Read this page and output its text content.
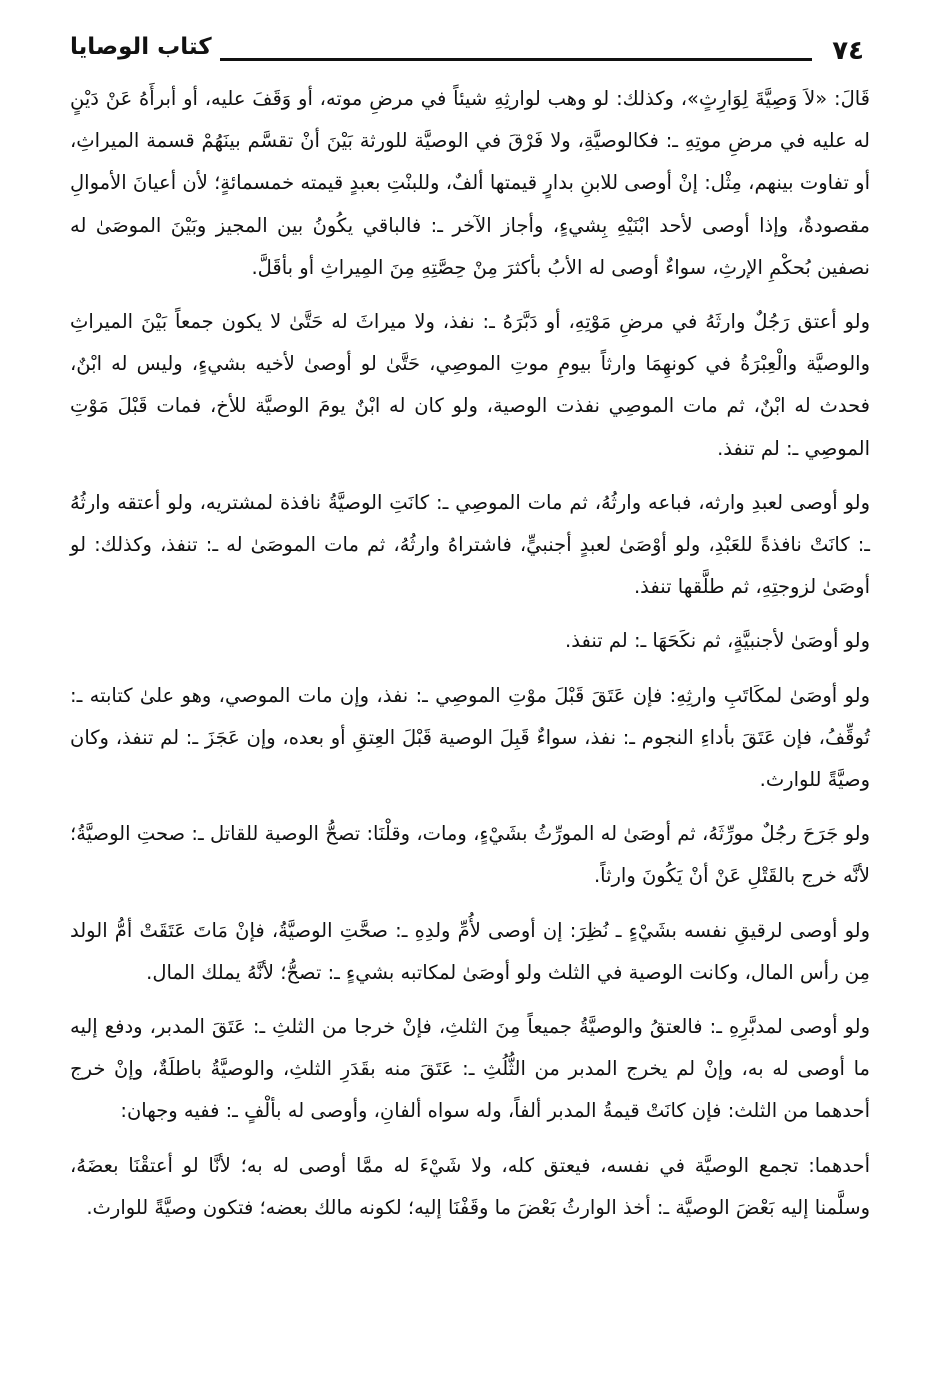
٧٤
كتاب الوصايا

قَالَ: «لاَ وَصِيَّةَ لِوَارِثٍ»، وكذلك: لو وهب لوارثِهِ شيئاً في مرضِ موته، أو وَقَفَ عليه، أو أبرأَهُ عَنْ دَيْنٍ له عليه في مرضِ موتِهِ ـ: فكالوصيَّةِ، ولا فَرْقَ في الوصيَّة للورثة بَيْنَ أنْ تقسَّم بينَهُمْ قسمة الميراثِ، أو تفاوت بينهم، مِثْل: إنْ أوصى للابنِ بدارٍ قيمتها ألفٌ، وللبنْتِ بعبدٍ قيمته خمسمائةٍ؛ لأن أعيانَ الأموالِ مقصودةٌ، وإذا أوصى لأحد ابْنَيْهِ بِشيءٍ، وأجاز الآخر ـ: فالباقي يكُونُ بين المجيز وبَيْنَ الموصَىٰ له نصفين بُحكْمِ الإرثِ، سواءٌ أوصى له الأبُ بأكثرَ مِنْ حِصَّتِهِ مِنَ المِيراثِ أو بأقَلَّ.

ولو أعتق رَجُلٌ وارثَهُ في مرضِ مَوْتِهِ، أو دَبَّرَهُ ـ: نفذ، ولا ميراثَ له حَتَّىٰ لا يكون جمعاً بَيْنَ الميراثِ والوصيَّة والْعِبْرَةُ في كونهِمَا وارثاً بيومِ موتِ الموصِي، حَتَّىٰ لو أوصىٰ لأخيه بشيءٍ، وليس له ابْنٌ، فحدث له ابْنٌ، ثم مات الموصِي نفذت الوصية، ولو كان له ابْنٌ يومَ الوصيَّة للأخ، فمات قَبْلَ مَوْتِ الموصِي ـ: لم تنفذ.

ولو أوصى لعبدِ وارثه، فباعه وارثُهُ، ثم مات الموصِي ـ: كانَتِ الوصيَّةُ نافذة لمشتريه، ولو أعتقه وارثُهُ ـ: كانَتْ نافذةً للعَبْدِ، ولو أوْصَىٰ لعبدٍ أجنبيٍّ، فاشتراهُ وارثُهُ، ثم مات الموصَىٰ له ـ: تنفذ، وكذلك: لو أوصَىٰ لزوجتِهِ، ثم طلَّقها تنفذ.

ولو أوصَىٰ لأجنبيَّةٍ، ثم نكَحَهَا ـ: لم تنفذ.

ولو أوصَىٰ لمكَاتَبِ وارثِهِ: فإن عَتَقَ قَبْلَ موْتِ الموصِي ـ: نفذ، وإن مات الموصي، وهو علىٰ كتابته ـ: تُوقِّفُ، فإن عَتَقَ بأداءِ النجوم ـ: نفذ، سواءٌ قَبِلَ الوصية قَبْلَ العِتقِ أو بعده، وإن عَجَزَ ـ: لم تنفذ، وكان وصيَّةً للوارث.

ولو جَرَحَ رجُلٌ مورِّثَهُ، ثم أوصَىٰ له المورِّثُ بشَيْءٍ، ومات، وقلْنَا: تصحُّ الوصية للقاتل ـ: صحتِ الوصيَّةُ؛ لأنَّه خرج بالقَتْلِ عَنْ أنْ يَكُونَ وارثاً.

ولو أوصى لرقيقِ نفسه بشَيْءٍ ـ نُظِرَ: إن أوصى لأُمِّ ولدِهِ ـ: صحَّتِ الوصيَّةُ، فإنْ مَاتَ عَتَقَتْ أمُّ الولد مِن رأس المال، وكانت الوصية في الثلث ولو أوصَىٰ لمكاتبه بشيءٍ ـ: تصحُّ؛ لأنَّهُ يملك المال.

ولو أوصى لمدبَّرِهِ ـ: فالعتقُ والوصيَّةُ جميعاً مِنَ الثلثِ، فإنْ خرجا من الثلثِ ـ: عَتَقَ المدبر، ودفع إليه ما أوصى له به، وإنْ لم يخرج المدبر من الثُّلُثِ ـ: عَتَقَ منه بقَدَرِ الثلثِ، والوصيَّةُ باطلَةٌ، وإنْ خرج أحدهما من الثلث: فإن كانَتْ قيمةُ المدبر ألفاً، وله سواه ألفانِ، وأوصى له بألْفٍ ـ: ففيه وجهان:

أحدهما: تجمع الوصيَّة في نفسه، فيعتق كله، ولا شَيْءَ له ممَّا أوصى له به؛ لأنَّا لو أعتقْنَا بعضَهُ، وسلَّمنا إليه بَعْضَ الوصيَّة ـ: أخذ الوارثُ بَعْضَ ما وقَفْنَا إليه؛ لكونه مالك بعضه؛ فتكون وصيَّةً للوارث.
